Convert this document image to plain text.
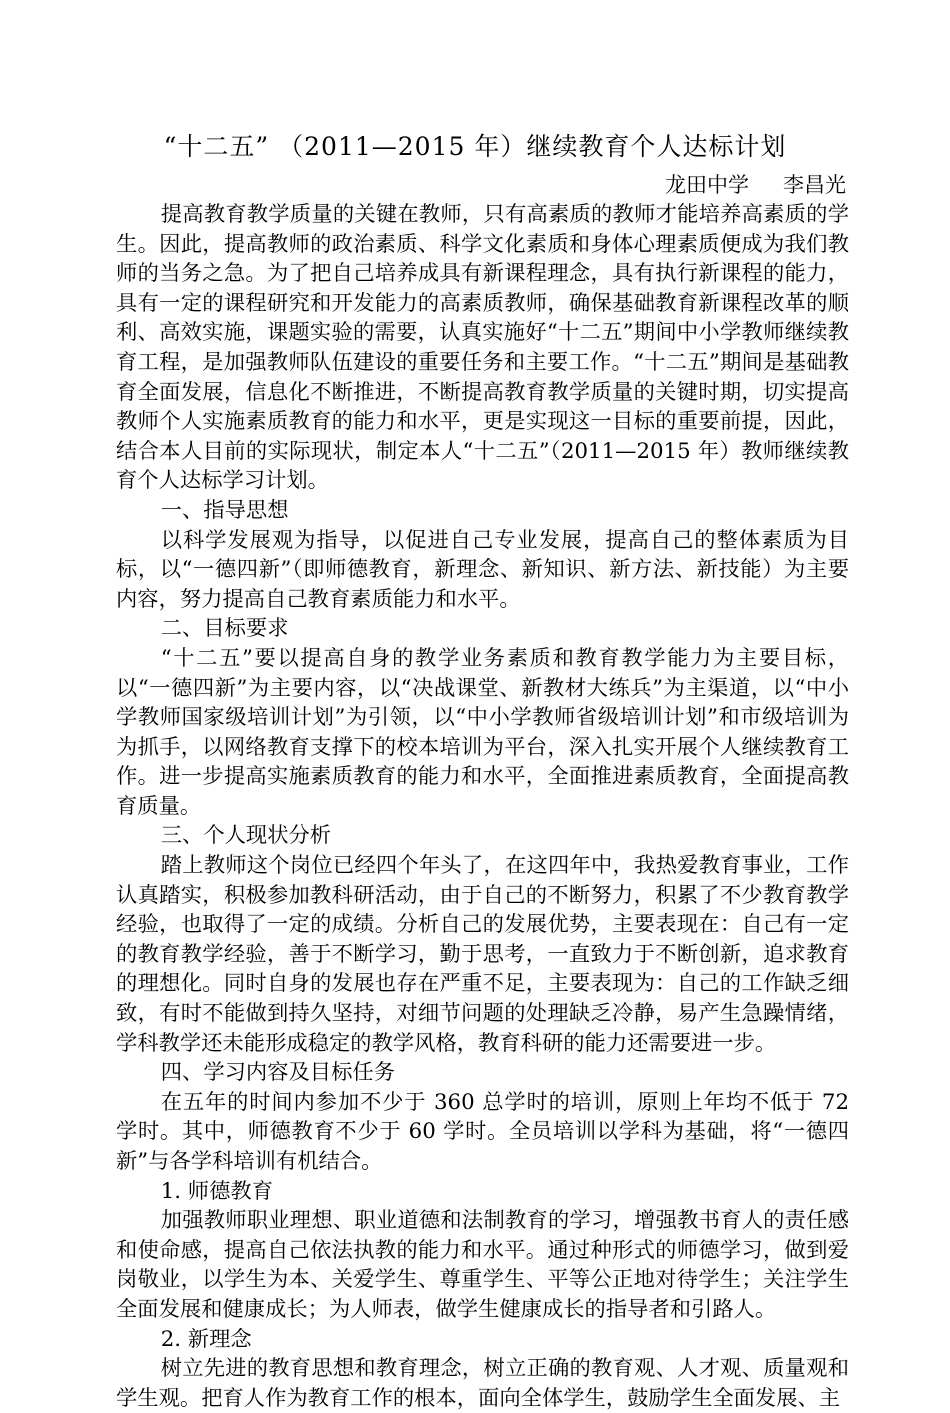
“十二五” （2011—2015 年）继续教育个人达标计划
龙田中学 李昌光

提高教育教学质量的关键在教师，只有高素质的教师才能培养高素质的学生。因此，提高教师的政治素质、科学文化素质和身体心理素质便成为我们教师的当务之急。为了把自己培养成具有新课程理念，具有执行新课程的能力，具有一定的课程研究和开发能力的高素质教师，确保基础教育新课程改革的顺利、高效实施，课题实验的需要，认真实施好“十二五”期间中小学教师继续教育工程，是加强教师队伍建设的重要任务和主要工作。“十二五”期间是基础教育全面发展，信息化不断推进，不断提高教育教学质量的关键时期，切实提高教师个人实施素质教育的能力和水平，更是实现这一目标的重要前提，因此，结合本人目前的实际现状，制定本人“十二五”（2011—2015 年）教师继续教育个人达标学习计划。

一、指导思想

以科学发展观为指导，以促进自己专业发展，提高自己的整体素质为目标，以“一德四新”（即师德教育，新理念、新知识、新方法、新技能）为主要内容，努力提高自己教育素质能力和水平。

二、目标要求

“十二五”要以提高自身的教学业务素质和教育教学能力为主要目标，以“一德四新”为主要内容，以“决战课堂、新教材大练兵”为主渠道，以“中小学教师国家级培训计划”为引领，以“中小学教师省级培训计划”和市级培训为为抓手，以网络教育支撑下的校本培训为平台，深入扎实开展个人继续教育工作。进一步提高实施素质教育的能力和水平，全面推进素质教育，全面提高教育质量。

三、个人现状分析

踏上教师这个岗位已经四个年头了，在这四年中，我热爱教育事业，工作认真踏实，积极参加教科研活动，由于自己的不断努力，积累了不少教育教学经验，也取得了一定的成绩。分析自己的发展优势，主要表现在：自己有一定的教育教学经验，善于不断学习，勤于思考，一直致力于不断创新，追求教育的理想化。同时自身的发展也存在严重不足，主要表现为：自己的工作缺乏细致，有时不能做到持久坚持，对细节问题的处理缺乏冷静，易产生急躁情绪，学科教学还未能形成稳定的教学风格，教育科研的能力还需要进一步。

四、学习内容及目标任务

在五年的时间内参加不少于 360 总学时的培训，原则上年均不低于 72 学时。其中，师德教育不少于 60 学时。全员培训以学科为基础，将“一德四新”与各学科培训有机结合。

1. 师德教育

加强教师职业理想、职业道德和法制教育的学习，增强教书育人的责任感和使命感，提高自己依法执教的能力和水平。通过种形式的师德学习，做到爱岗敬业，以学生为本、关爱学生、尊重学生、平等公正地对待学生；关注学生全面发展和健康成长；为人师表，做学生健康成长的指导者和引路人。

2. 新理念

树立先进的教育思想和教育理念，树立正确的教育观、人才观、质量观和学生观。把育人作为教育工作的根本，面向全体学生，鼓励学生全面发展、主
